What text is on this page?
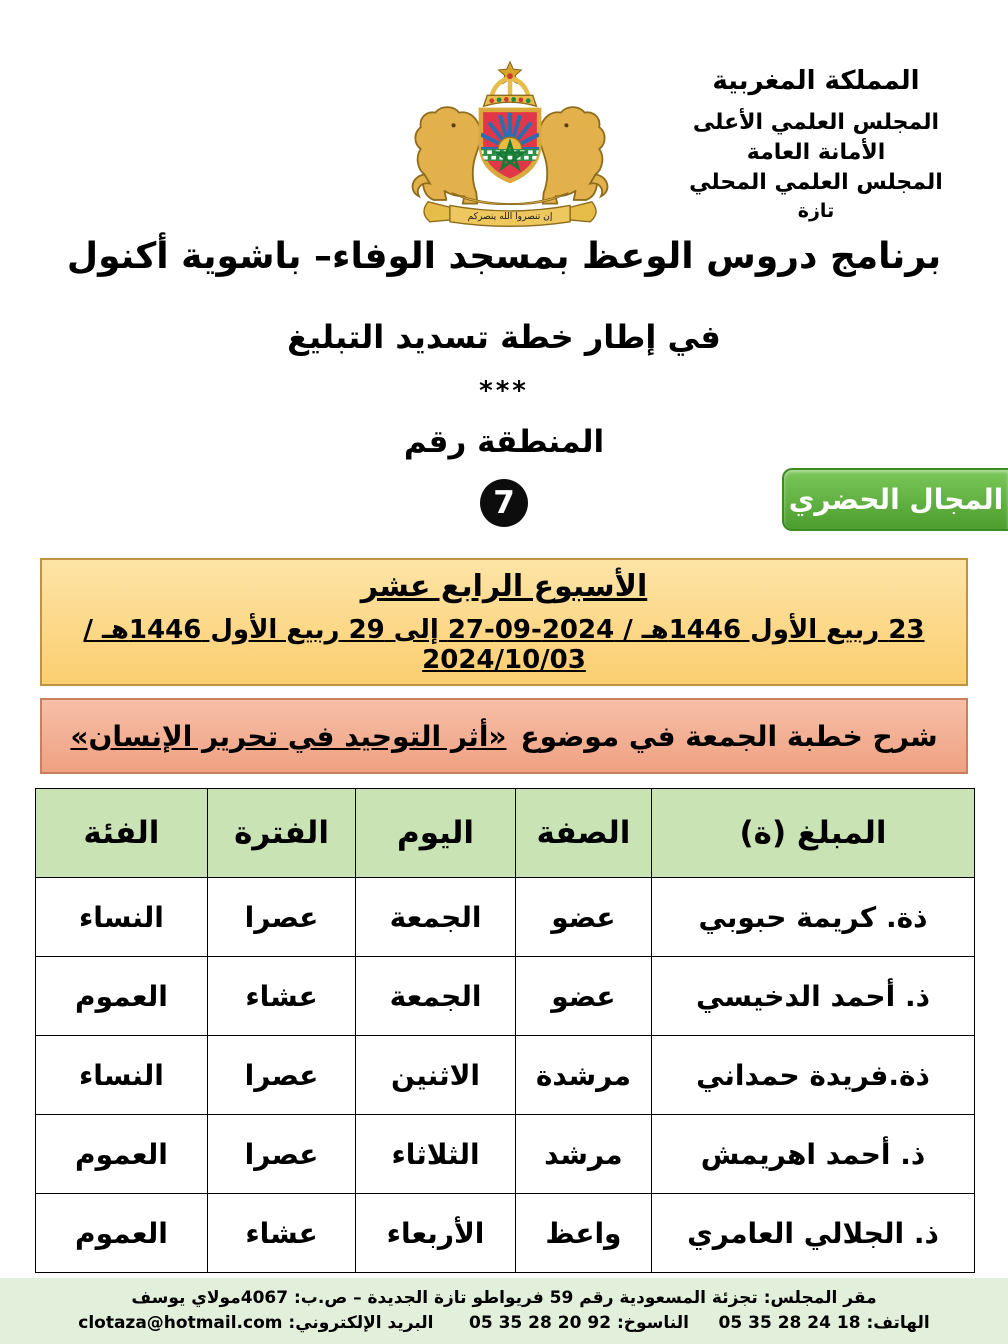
المملكة المغربية
المجلس العلمي الأعلى
الأمانة العامة
المجلس العلمي المحلي
تازة
إن تنصروا الله ينصركم
برنامج دروس الوعظ بمسجد الوفاء– باشوية أكنول
في إطار خطة تسديد التبليغ
***
المنطقة رقم
7	المجال الحضري
الأسبوع الرابع عشر
23 ربيع الأول 1446هـ / 2024-09-27 إلى 29 ربيع الأول 1446هـ / 2024/10/03
شرح خطبة الجمعة في موضوع
«أثر التوحيد في تحرير الإنسان»
المبلغ (ة)	الصفة	اليوم	الفترة	الفئة
ذة. كريمة حبوبي	عضو	الجمعة	عصرا	النساء
ذ. أحمد الدخيسي	عضو	الجمعة	عشاء	العموم
ذة.فريدة حمداني	مرشدة	الاثنين	عصرا	النساء
ذ. أحمد اهريمش	مرشد	الثلاثاء	عصرا	العموم
ذ. الجلالي العامري	واعظ	الأربعاء	عشاء	العموم
مقر المجلس: تجزئة المسعودية رقم 59 فريواطو تازة الجديدة – ص.ب: 4067مولاي يوسف
الهاتف: 18 24 28 35 05     الناسوخ: 92 20 28 35 05      البريد الإلكتروني: clotaza@hotmail.com
